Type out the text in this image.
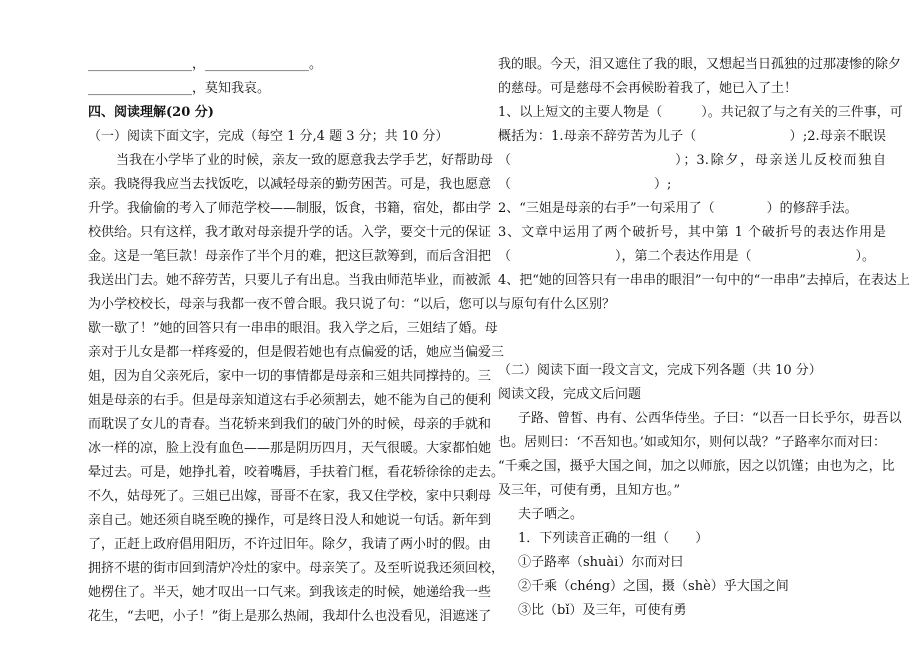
________________，________________。
________________，莫知我哀。
四、阅读理解(20 分)
（一）阅读下面文字，完成（每空 1 分,4 题 3 分；共 10 分）
当我在小学毕了业的时候，亲友一致的愿意我去学手艺，好帮助母
亲。我晓得我应当去找饭吃，以减轻母亲的勤劳困苦。可是，我也愿意
升学。我偷偷的考入了师范学校——制服，饭食，书籍，宿处，都由学
校供给。只有这样，我才敢对母亲提升学的话。入学，要交十元的保证
金。这是一笔巨款！母亲作了半个月的难，把这巨款筹到，而后含泪把
我送出门去。她不辞劳苦，只要儿子有出息。当我由师范毕业，而被派
为小学校校长，母亲与我都一夜不曾合眼。我只说了句：“以后，您可以
歇一歇了！”她的回答只有一串串的眼泪。我入学之后，三姐结了婚。母
亲对于儿女是都一样疼爱的，但是假若她也有点偏爱的话，她应当偏爱三
姐，因为自父亲死后，家中一切的事情都是母亲和三姐共同撑持的。三
姐是母亲的右手。但是母亲知道这右手必须割去，她不能为自己的便利
而耽误了女儿的青春。当花轿来到我们的破门外的时候，母亲的手就和
冰一样的凉，脸上没有血色——那是阴历四月，天气很暖。大家都怕她
晕过去。可是，她挣扎着，咬着嘴唇，手扶着门框，看花轿徐徐的走去。
不久，姑母死了。三姐已出嫁，哥哥不在家，我又住学校，家中只剩母
亲自己。她还须自晓至晚的操作，可是终日没人和她说一句话。新年到
了，正赶上政府倡用阳历，不许过旧年。除夕，我请了两小时的假。由
拥挤不堪的街市回到清炉冷灶的家中。母亲笑了。及至听说我还须回校，
她楞住了。半天，她才叹出一口气来。到我该走的时候，她递给我一些
花生，“去吧，小子！”街上是那么热闹，我却什么也没看见，泪遮迷了
我的眼。今天，泪又遮住了我的眼，又想起当日孤独的过那凄惨的除夕
的慈母。可是慈母不会再候盼着我了，她已入了土！
1、以上短文的主要人物是（　　　）。共记叙了与之有关的三件事，可
概括为：1.母亲不辞劳苦为儿子（　　　　　　　）;2.母亲不眠误
（　　　　　　　　　　　）；3.除夕，母亲送儿反校而独自
（　　　　　　　　　　　）;
2、“三姐是母亲的右手”一句采用了（　　　　）的修辞手法。
3、文章中运用了两个破折号，其中第 1 个破折号的表达作用是
（　　　　　　　　），第二个表达作用是（　　　　　　　　）。
4、把“她的回答只有一串串的眼泪”一句中的“一串串”去掉后，在表达上
与原句有什么区别？
（二）阅读下面一段文言文，完成下列各题（共 10 分）
阅读文段，完成文后问题
子路、曾皙、冉有、公西华侍坐。子曰：“以吾一日长乎尔，毋吾以
也。居则曰：‘不吾知也。’如或知尔，则何以哉？”子路率尔而对曰：
“千乘之国，摄乎大国之间，加之以师旅，因之以饥馑；由也为之，比
及三年，可使有勇，且知方也。”
夫子哂之。
1．下列读音正确的一组（　　）
①子路率（shuài）尔而对曰
②千乘（chéng）之国，摄（shè）乎大国之间
③比（bǐ）及三年，可使有勇
